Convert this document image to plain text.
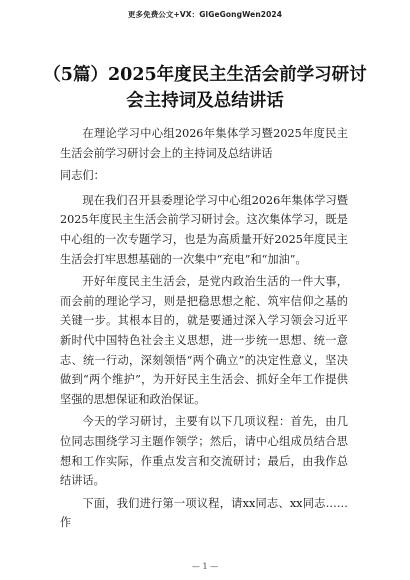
更多免费公文+VX：GlGeGongWen2024
（5篇）2025年度民主生活会前学习研讨
会主持词及总结讲话

在理论学习中心组2026年集体学习暨2025年度民主生活会前学习研讨会上的主持词及总结讲话

同志们：

现在我们召开县委理论学习中心组2026年集体学习暨2025年度民主生活会前学习研讨会。这次集体学习，既是中心组的一次专题学习，也是为高质量开好2025年度民主生活会打牢思想基础的一次集中“充电”和“加油”。

开好年度民主生活会，是党内政治生活的一件大事，而会前的理论学习，则是把稳思想之舵、筑牢信仰之基的关键一步。其根本目的，就是要通过深入学习领会习近平新时代中国特色社会主义思想，进一步统一思想、统一意志、统一行动，深刻领悟“两个确立”的决定性意义，坚决做到“两个维护”，为开好民主生活会、抓好全年工作提供坚强的思想保证和政治保证。

今天的学习研讨，主要有以下几项议程：首先，由几位同志围绕学习主题作领学；然后，请中心组成员结合思想和工作实际，作重点发言和交流研讨；最后，由我作总结讲话。

下面，我们进行第一项议程，请xx同志、xx同志……作

— 1 —
